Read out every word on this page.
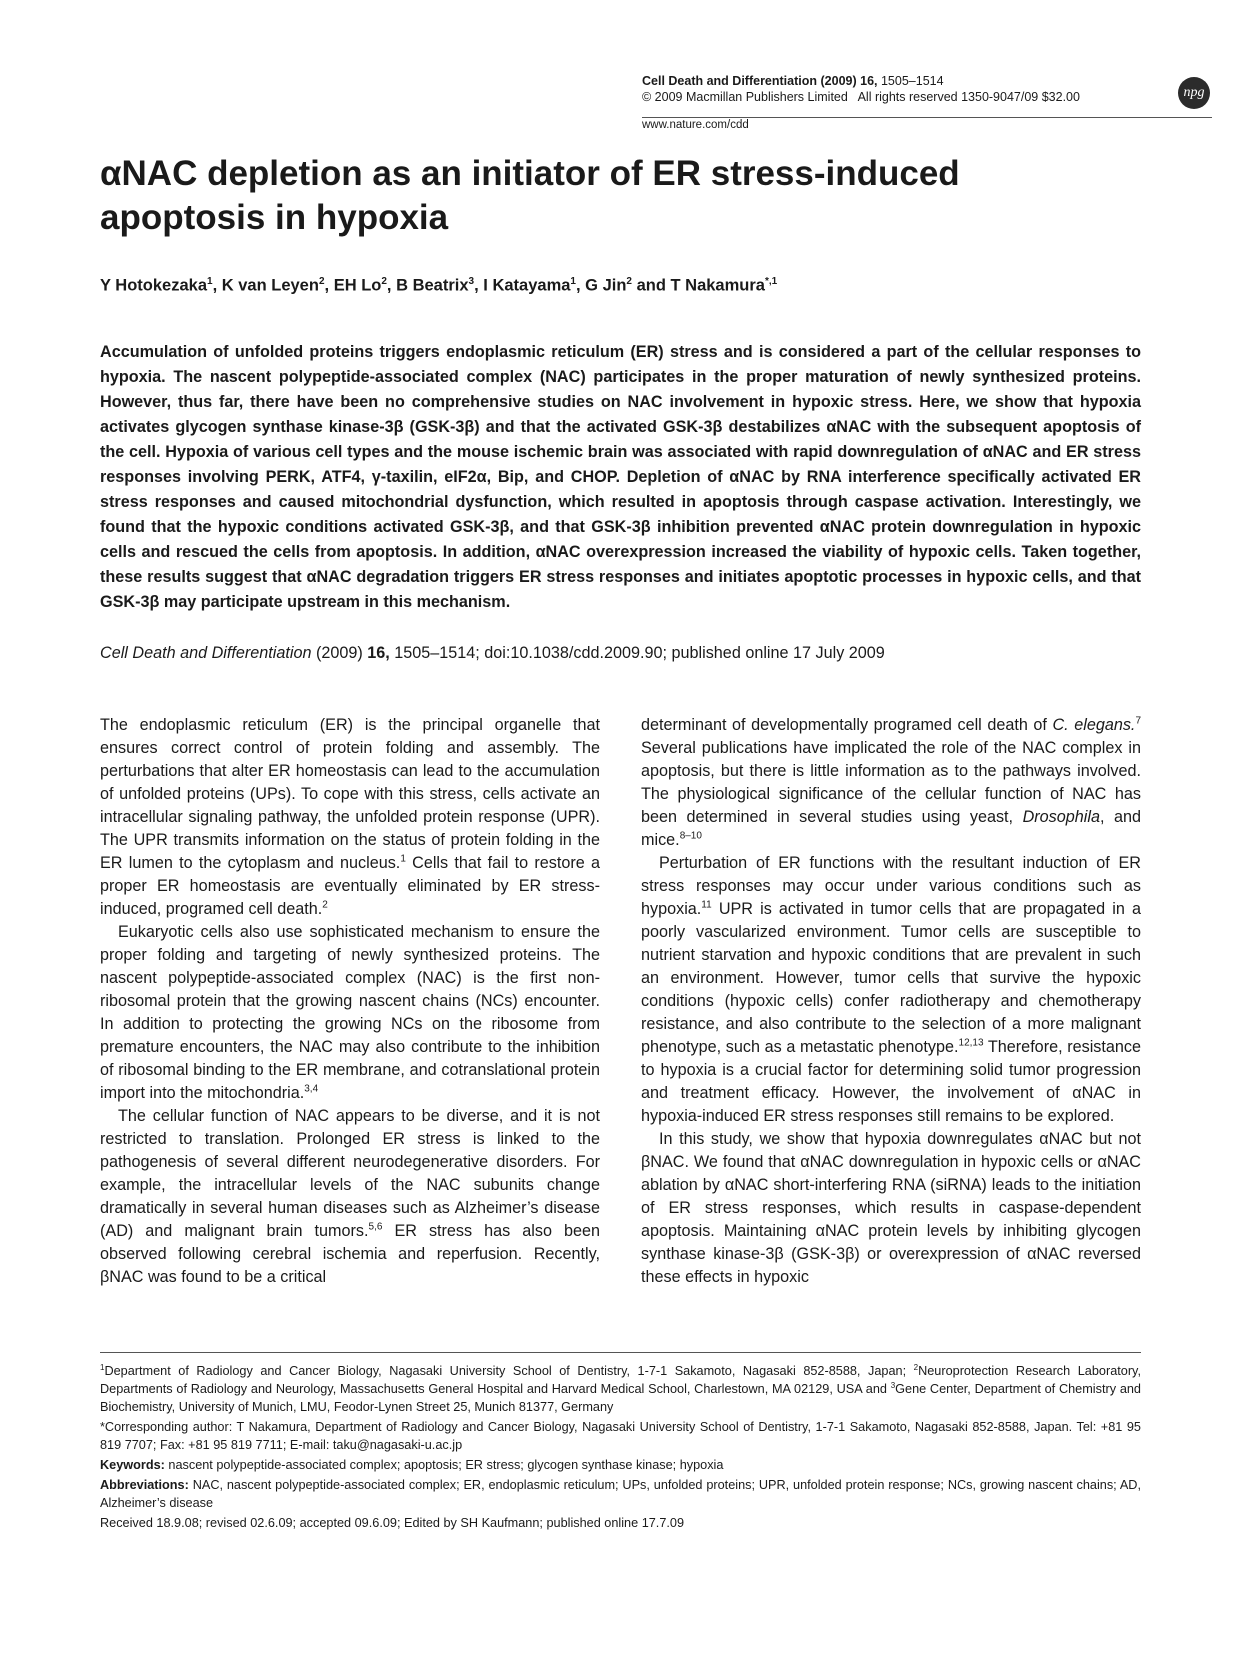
Cell Death and Differentiation (2009) 16, 1505–1514
© 2009 Macmillan Publishers Limited All rights reserved 1350-9047/09 $32.00
www.nature.com/cdd
npg
αNAC depletion as an initiator of ER stress-induced apoptosis in hypoxia
Y Hotokezaka$^1$, K van Leyen$^2$, EH Lo$^2$, B Beatrix$^3$, I Katayama$^1$, G Jin$^2$ and T Nakamura$^{*,1}$

Accumulation of unfolded proteins triggers endoplasmic reticulum (ER) stress and is considered a part of the cellular responses to hypoxia. The nascent polypeptide-associated complex (NAC) participates in the proper maturation of newly synthesized proteins. However, thus far, there have been no comprehensive studies on NAC involvement in hypoxic stress. Here, we show that hypoxia activates glycogen synthase kinase-3β (GSK-3β) and that the activated GSK-3β destabilizes αNAC with the subsequent apoptosis of the cell. Hypoxia of various cell types and the mouse ischemic brain was associated with rapid downregulation of αNAC and ER stress responses involving PERK, ATF4, γ-taxilin, eIF2α, Bip, and CHOP. Depletion of αNAC by RNA interference specifically activated ER stress responses and caused mitochondrial dysfunction, which resulted in apoptosis through caspase activation. Interestingly, we found that the hypoxic conditions activated GSK-3β, and that GSK-3β inhibition prevented αNAC protein downregulation in hypoxic cells and rescued the cells from apoptosis. In addition, αNAC overexpression increased the viability of hypoxic cells. Taken together, these results suggest that αNAC degradation triggers ER stress responses and initiates apoptotic processes in hypoxic cells, and that GSK-3β may participate upstream in this mechanism.

Cell Death and Differentiation (2009) 16, 1505–1514; doi:10.1038/cdd.2009.90; published online 17 July 2009

The endoplasmic reticulum (ER) is the principal organelle that ensures correct control of protein folding and assembly. The perturbations that alter ER homeostasis can lead to the accumulation of unfolded proteins (UPs). To cope with this stress, cells activate an intracellular signaling pathway, the unfolded protein response (UPR). The UPR transmits information on the status of protein folding in the ER lumen to the cytoplasm and nucleus.$^1$ Cells that fail to restore a proper ER homeostasis are eventually eliminated by ER stress-induced, programed cell death.$^2$

Eukaryotic cells also use sophisticated mechanism to ensure the proper folding and targeting of newly synthesized proteins. The nascent polypeptide-associated complex (NAC) is the first non-ribosomal protein that the growing nascent chains (NCs) encounter. In addition to protecting the growing NCs on the ribosome from premature encounters, the NAC may also contribute to the inhibition of ribosomal binding to the ER membrane, and cotranslational protein import into the mitochondria.$^{3,4}$

The cellular function of NAC appears to be diverse, and it is not restricted to translation. Prolonged ER stress is linked to the pathogenesis of several different neurodegenerative disorders. For example, the intracellular levels of the NAC subunits change dramatically in several human diseases such as Alzheimer’s disease (AD) and malignant brain tumors.$^{5,6}$ ER stress has also been observed following cerebral ischemia and reperfusion. Recently, βNAC was found to be a critical

determinant of developmentally programed cell death of C. elegans.$^7$ Several publications have implicated the role of the NAC complex in apoptosis, but there is little information as to the pathways involved. The physiological significance of the cellular function of NAC has been determined in several studies using yeast, Drosophila, and mice.$^{8-10}$

Perturbation of ER functions with the resultant induction of ER stress responses may occur under various conditions such as hypoxia.$^{11}$ UPR is activated in tumor cells that are propagated in a poorly vascularized environment. Tumor cells are susceptible to nutrient starvation and hypoxic conditions that are prevalent in such an environment. However, tumor cells that survive the hypoxic conditions (hypoxic cells) confer radiotherapy and chemotherapy resistance, and also contribute to the selection of a more malignant phenotype, such as a metastatic phenotype.$^{12,13}$ Therefore, resistance to hypoxia is a crucial factor for determining solid tumor progression and treatment efficacy. However, the involvement of αNAC in hypoxia-induced ER stress responses still remains to be explored.

In this study, we show that hypoxia downregulates αNAC but not βNAC. We found that αNAC downregulation in hypoxic cells or αNAC ablation by αNAC short-interfering RNA (siRNA) leads to the initiation of ER stress responses, which results in caspase-dependent apoptosis. Maintaining αNAC protein levels by inhibiting glycogen synthase kinase-3β (GSK-3β) or overexpression of αNAC reversed these effects in hypoxic

$^1$Department of Radiology and Cancer Biology, Nagasaki University School of Dentistry, 1-7-1 Sakamoto, Nagasaki 852-8588, Japan; $^2$Neuroprotection Research Laboratory, Departments of Radiology and Neurology, Massachusetts General Hospital and Harvard Medical School, Charlestown, MA 02129, USA and $^3$Gene Center, Department of Chemistry and Biochemistry, University of Munich, LMU, Feodor-Lynen Street 25, Munich 81377, Germany

*Corresponding author: T Nakamura, Department of Radiology and Cancer Biology, Nagasaki University School of Dentistry, 1-7-1 Sakamoto, Nagasaki 852-8588, Japan. Tel: +81 95 819 7707; Fax: +81 95 819 7711; E-mail: taku@nagasaki-u.ac.jp

Keywords: nascent polypeptide-associated complex; apoptosis; ER stress; glycogen synthase kinase; hypoxia

Abbreviations: NAC, nascent polypeptide-associated complex; ER, endoplasmic reticulum; UPs, unfolded proteins; UPR, unfolded protein response; NCs, growing nascent chains; AD, Alzheimer’s disease

Received 18.9.08; revised 02.6.09; accepted 09.6.09; Edited by SH Kaufmann; published online 17.7.09
